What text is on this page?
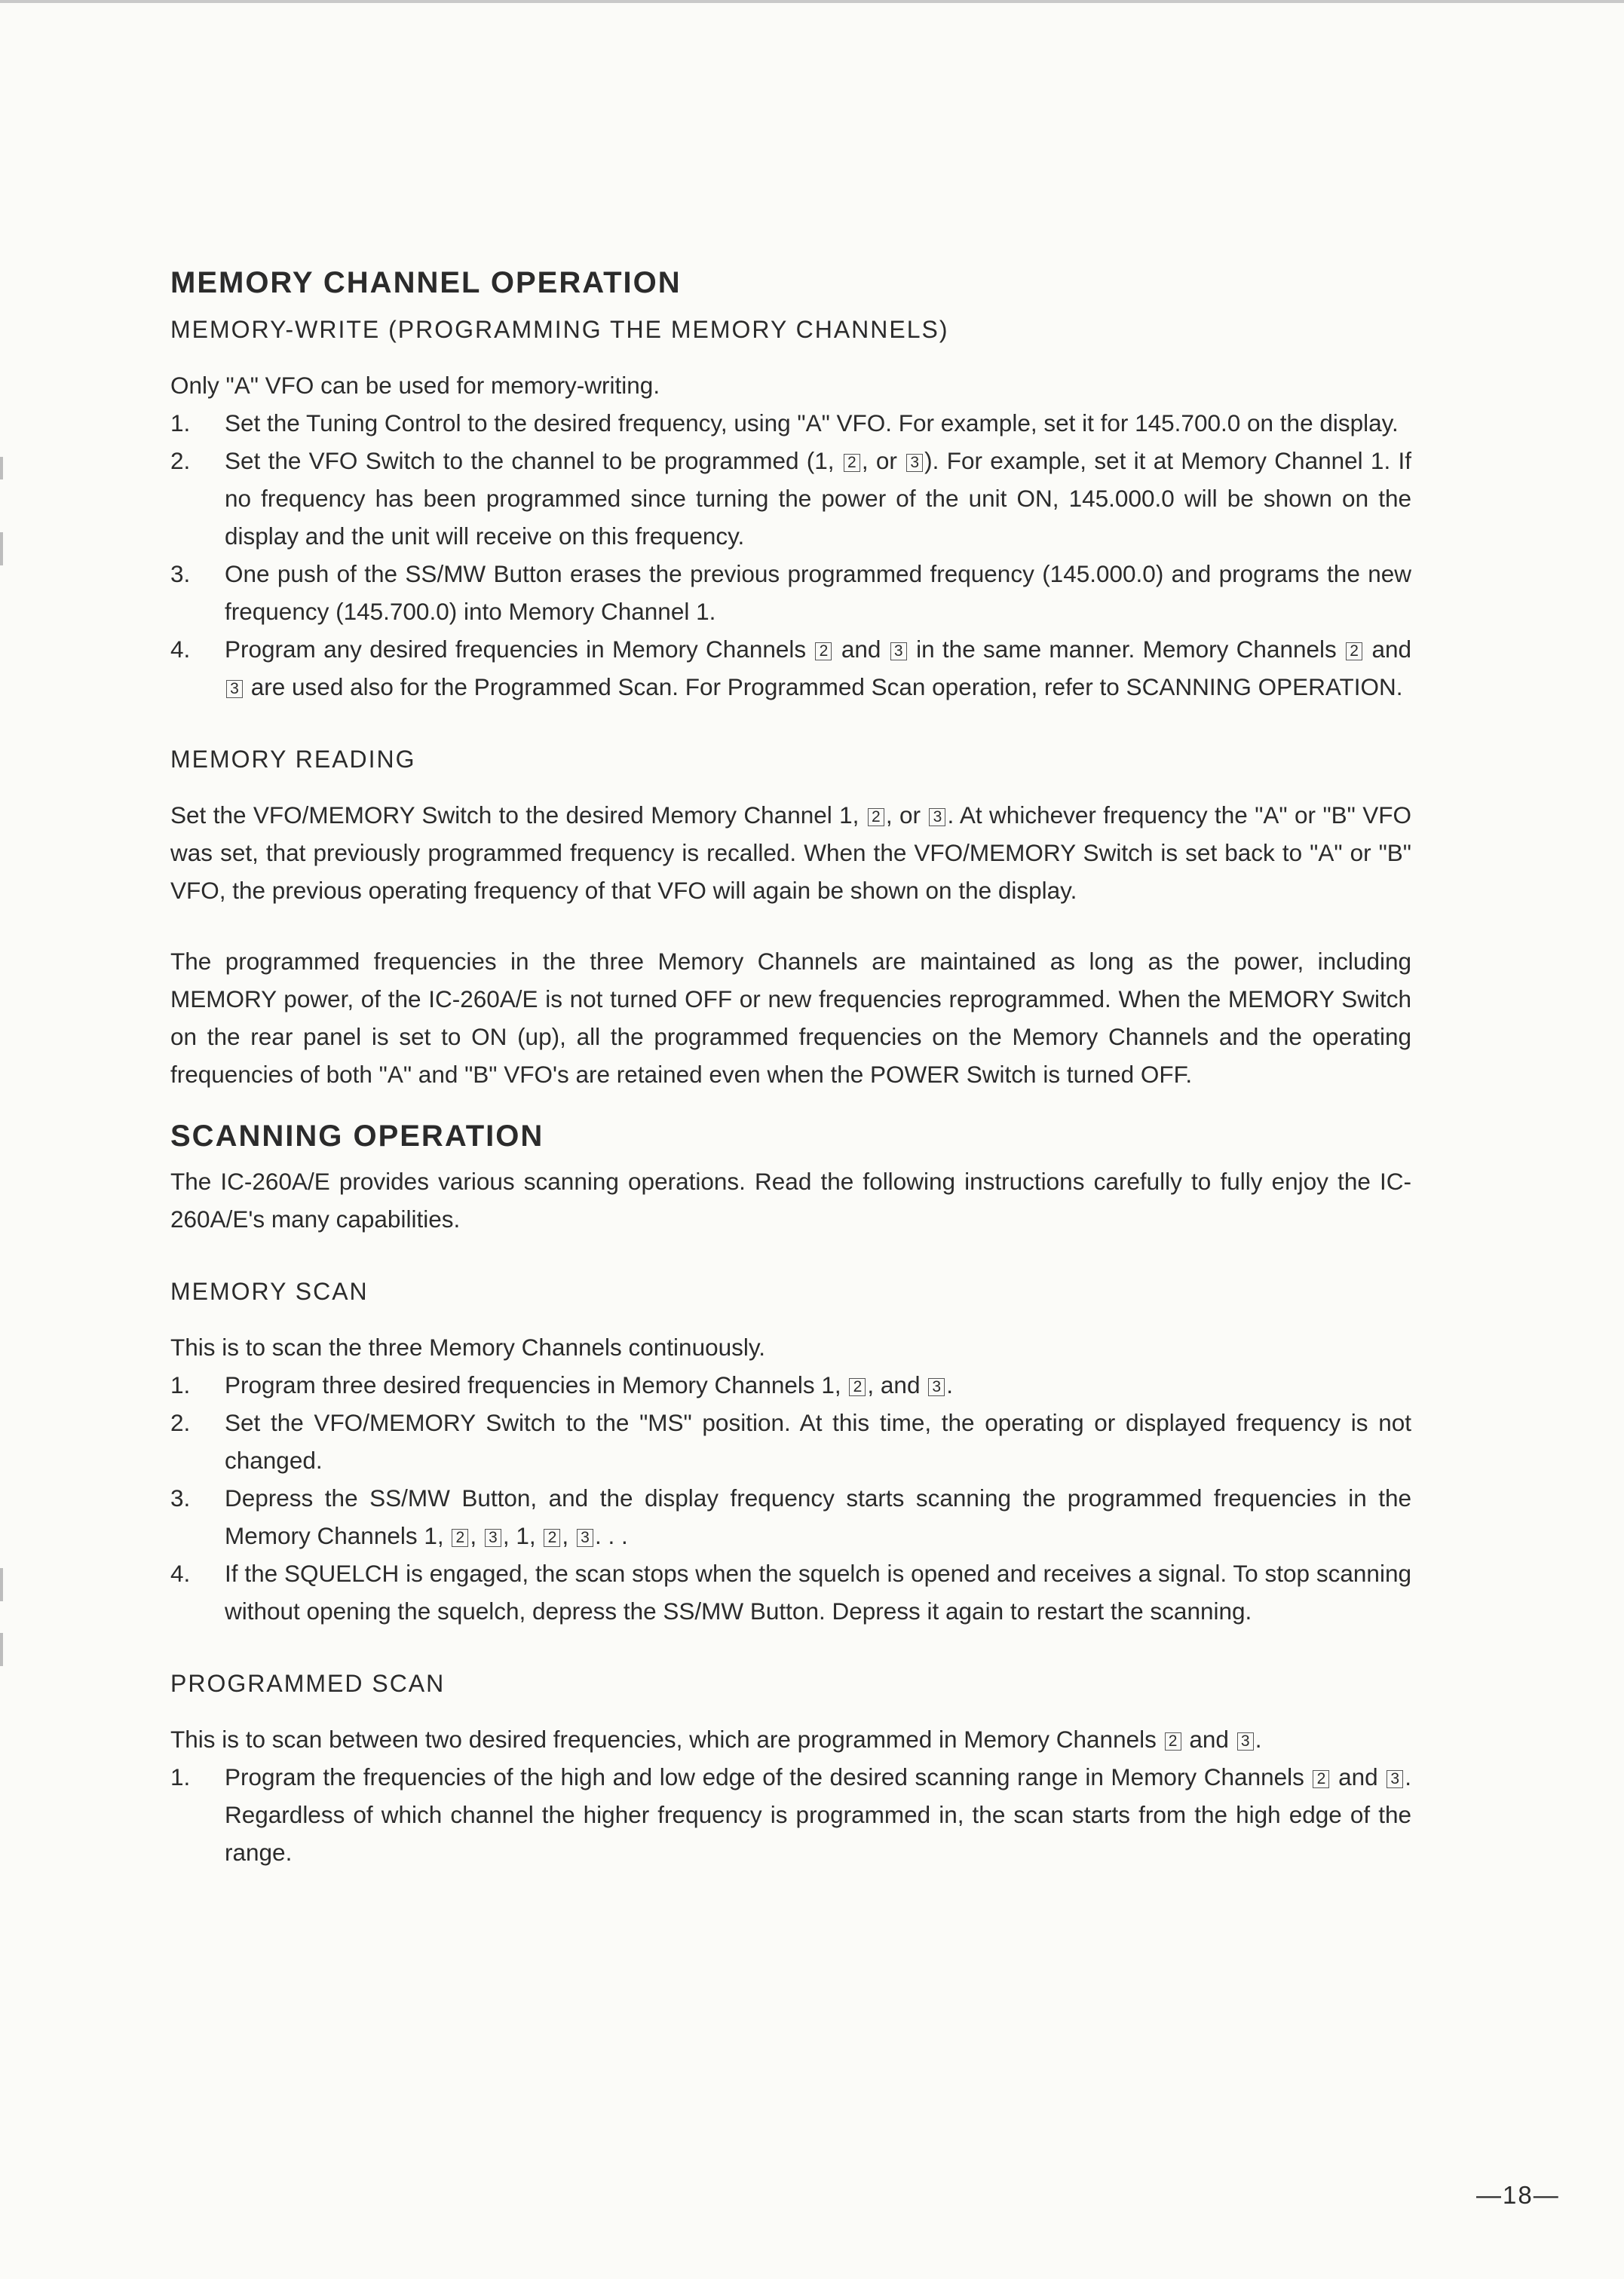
MEMORY CHANNEL OPERATION
MEMORY-WRITE (PROGRAMMING THE MEMORY CHANNELS)

Only "A" VFO can be used for memory-writing.

1. Set the Tuning Control to the desired frequency, using "A" VFO. For example, set it for 145.700.0 on the display.
2. Set the VFO Switch to the channel to be programmed (1, 2 , or 3 ). For example, set it at Memory Channel 1. If no frequency has been programmed since turning the power of the unit ON, 145.000.0 will be shown on the display and the unit will receive on this frequency.
3. One push of the SS/MW Button erases the previous programmed frequency (145.000.0) and programs the new frequency (145.700.0) into Memory Channel 1.
4. Program any desired frequencies in Memory Channels 2 and 3 in the same manner. Memory Channels 2 and 3 are used also for the Programmed Scan. For Programmed Scan operation, refer to SCANNING OPERATION.
MEMORY READING

Set the VFO/MEMORY Switch to the desired Memory Channel 1, 2 , or 3 . At whichever frequency the "A" or "B" VFO was set, that previously programmed frequency is recalled. When the VFO/MEMORY Switch is set back to "A" or "B" VFO, the previous operating frequency of that VFO will again be shown on the display.

The programmed frequencies in the three Memory Channels are maintained as long as the power, including MEMORY power, of the IC-260A/E is not turned OFF or new frequencies reprogrammed. When the MEMORY Switch on the rear panel is set to ON (up), all the programmed frequencies on the Memory Channels and the operating frequencies of both "A" and "B" VFO's are retained even when the POWER Switch is turned OFF.

SCANNING OPERATION

The IC-260A/E provides various scanning operations. Read the following instructions carefully to fully enjoy the IC-260A/E's many capabilities.

MEMORY SCAN

This is to scan the three Memory Channels continuously.

1. Program three desired frequencies in Memory Channels 1, 2 , and 3 .
2. Set the VFO/MEMORY Switch to the "MS" position. At this time, the operating or displayed frequency is not changed.
3. Depress the SS/MW Button, and the display frequency starts scanning the programmed frequencies in the Memory Channels 1, 2 , 3 , 1, 2 , 3 . . .
4. If the SQUELCH is engaged, the scan stops when the squelch is opened and receives a signal. To stop scanning without opening the squelch, depress the SS/MW Button. Depress it again to restart the scanning.
PROGRAMMED SCAN

This is to scan between two desired frequencies, which are programmed in Memory Channels 2 and 3 .

1. Program the frequencies of the high and low edge of the desired scanning range in Memory Channels 2 and 3 . Regardless of which channel the higher frequency is programmed in, the scan starts from the high edge of the range.
—18—
